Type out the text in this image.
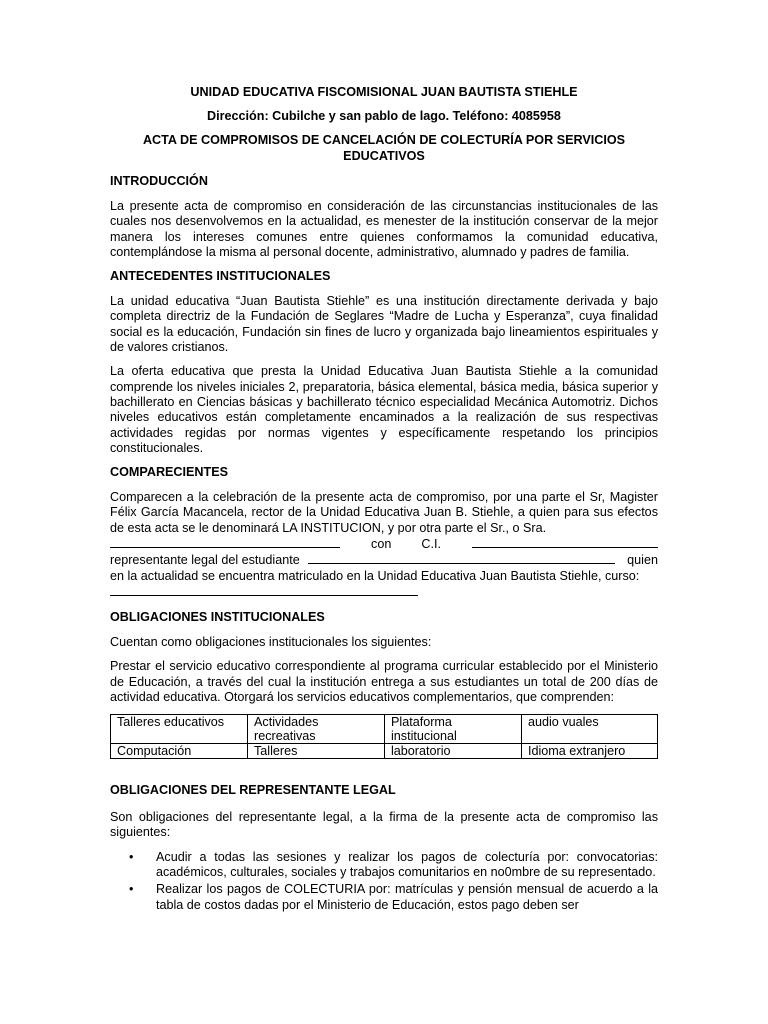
UNIDAD EDUCATIVA FISCOMISIONAL JUAN BAUTISTA STIEHLE
Dirección: Cubilche y san pablo de lago. Teléfono: 4085958
ACTA DE COMPROMISOS DE CANCELACIÓN DE COLECTURÍA POR SERVICIOS EDUCATIVOS
INTRODUCCIÓN

La presente acta de compromiso en consideración de las circunstancias institucionales de las cuales nos desenvolvemos en la actualidad, es menester de la institución conservar de la mejor manera los intereses comunes entre quienes conformamos la comunidad educativa, contemplándose la misma al personal docente, administrativo, alumnado y padres de familia.

ANTECEDENTES INSTITUCIONALES

La unidad educativa “Juan Bautista Stiehle” es una institución directamente derivada y bajo completa directriz de la Fundación de Seglares “Madre de Lucha y Esperanza”, cuya finalidad social es la educación, Fundación sin fines de lucro y organizada bajo lineamientos espirituales y de valores cristianos.

La oferta educativa que presta la Unidad Educativa Juan Bautista Stiehle a la comunidad comprende los niveles iniciales 2, preparatoria, básica elemental, básica media, básica superior y bachillerato en Ciencias básicas y bachillerato técnico especialidad Mecánica Automotriz. Dichos niveles educativos están completamente encaminados a la realización de sus respectivas actividades regidas por normas vigentes y específicamente respetando los principios constitucionales.

COMPARECIENTES

Comparecen a la celebración de la presente acta de compromiso, por una parte el Sr, Magister Félix García Macancela, rector de la Unidad Educativa Juan B. Stiehle, a quien para sus efectos de esta acta se le denominará LA INSTITUCION, y por otra parte el Sr., o Sra.

con C.I.
representante legal del estudiante	quien

en la actualidad se encuentra matriculado en la Unidad Educativa Juan Bautista Stiehle, curso:

OBLIGACIONES INSTITUCIONALES

Cuentan como obligaciones institucionales los siguientes:

Prestar el servicio educativo correspondiente al programa curricular establecido por el Ministerio de Educación, a través del cual la institución entrega a sus estudiantes un total de 200 días de actividad educativa. Otorgará los servicios educativos complementarios, que comprenden:

Talleres educativos	Actividades recreativas	Plataforma institucional	audio vuales
Computación	Talleres	laboratorio	Idioma extranjero
OBLIGACIONES DEL REPRESENTANTE LEGAL

Son obligaciones del representante legal, a la firma de la presente acta de compromiso las siguientes:

• Acudir a todas las sesiones y realizar los pagos de colecturía por: convocatorias: académicos, culturales, sociales y trabajos comunitarios en no0mbre de su representado.
• Realizar los pagos de COLECTURIA por: matrículas y pensión mensual de acuerdo a la tabla de costos dadas por el Ministerio de Educación, estos pago deben ser
